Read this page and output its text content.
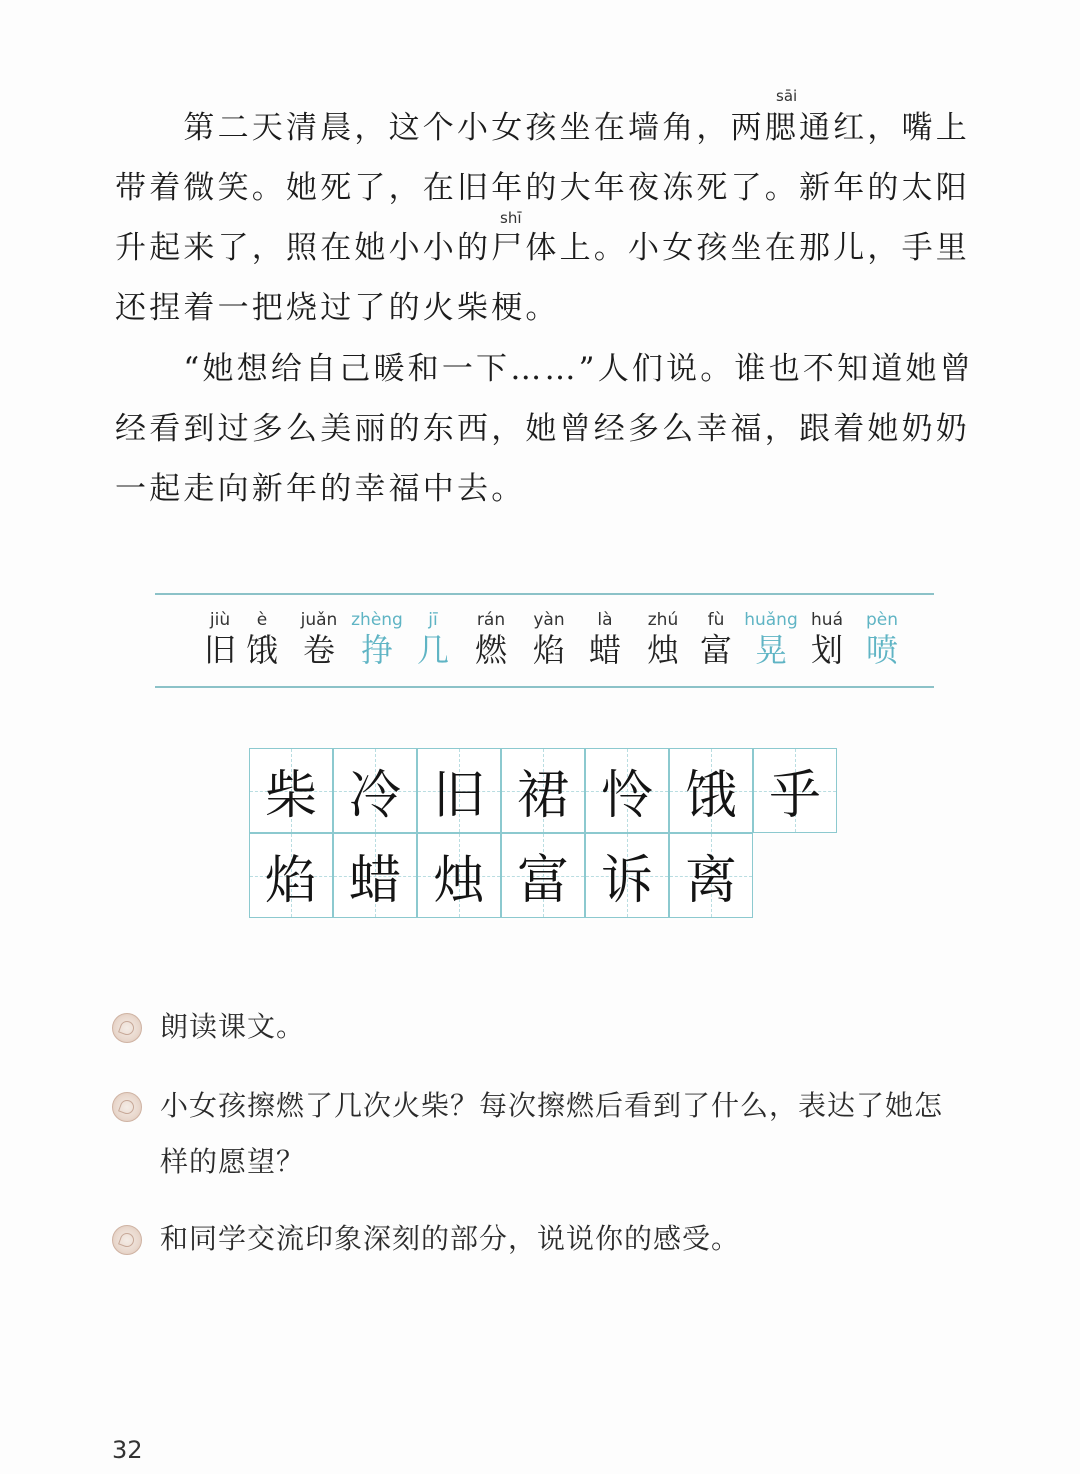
sāi
　　第二天清晨，这个小女孩坐在墙角，两腮通红，嘴上
带着微笑。她死了，在旧年的大年夜冻死了。新年的太阳
shī
升起来了，照在她小小的尸体上。小女孩坐在那儿，手里
还捏着一把烧过了的火柴梗。
　　“她想给自己暖和一下……”人们说。谁也不知道她曾
经看到过多么美丽的东西，她曾经多么幸福，跟着她奶奶
一起走向新年的幸福中去。
jiù
旧
è
饿
juǎn
卷
zhèng
挣
jī
几
rán
燃
yàn
焰
là
蜡
zhú
烛
fù
富
huǎng
晃
huá
划
pèn
喷
柴 冷 旧 裙 怜 饿 乎
焰 蜡 烛 富 诉 离
朗读课文。
小女孩擦燃了几次火柴？每次擦燃后看到了什么，表达了她怎
样的愿望？
和同学交流印象深刻的部分，说说你的感受。
32
